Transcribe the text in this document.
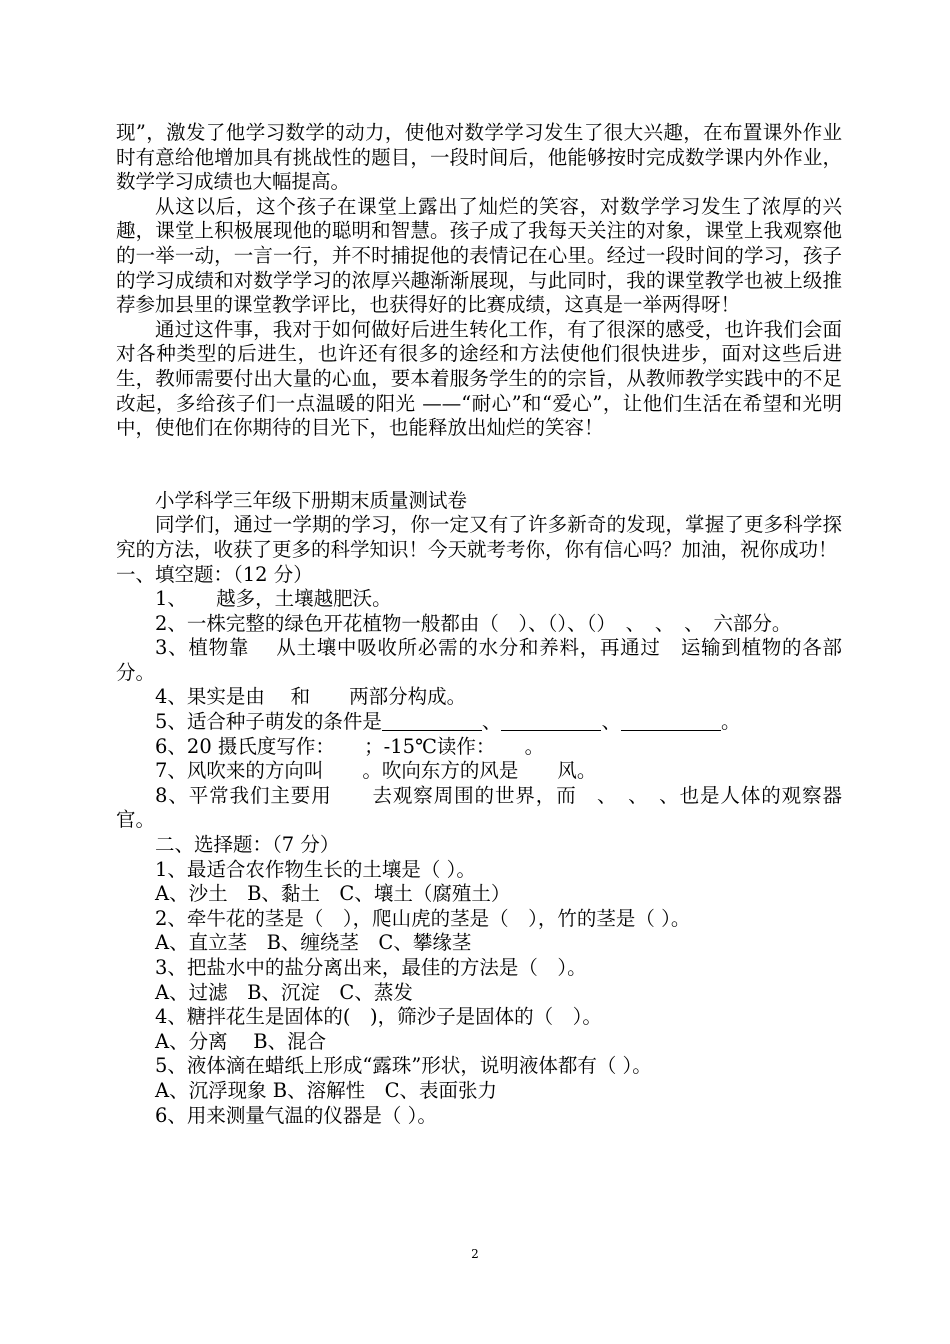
现”，激发了他学习数学的动力，使他对数学学习发生了很大兴趣，在布置课外作业时有意给他增加具有挑战性的题目，一段时间后，他能够按时完成数学课内外作业，数学学习成绩也大幅提高。

从这以后，这个孩子在课堂上露出了灿烂的笑容，对数学学习发生了浓厚的兴趣，课堂上积极展现他的聪明和智慧。孩子成了我每天关注的对象，课堂上我观察他的一举一动，一言一行，并不时捕捉他的表情记在心里。经过一段时间的学习，孩子的学习成绩和对数学学习的浓厚兴趣渐渐展现，与此同时，我的课堂教学也被上级推荐参加县里的课堂教学评比，也获得好的比赛成绩，这真是一举两得呀！

通过这件事，我对于如何做好后进生转化工作，有了很深的感受，也许我们会面对各种类型的后进生，也许还有很多的途经和方法使他们很快进步，面对这些后进生，教师需要付出大量的心血，要本着服务学生的的宗旨，从教师教学实践中的不足改起，多给孩子们一点温暖的阳光 ——“耐心”和“爱心”，让他们生活在希望和光明中，使他们在你期待的目光下，也能释放出灿烂的笑容！

小学科学三年级下册期末质量测试卷

同学们，通过一学期的学习，你一定又有了许多新奇的发现，掌握了更多科学探究的方法，收获了更多的科学知识！今天就考考你，你有信心吗？加油，祝你成功！

一、填空题：（12 分）

1、　　越多，土壤越肥沃。

2、一株完整的绿色开花植物一般都由（　）、（）、（）　、　、　、　六部分。

3、植物靠　 从土壤中吸收所必需的水分和养料，再通过　运输到植物的各部分。

4、果实是由　 和　　两部分构成。

5、适合种子萌发的条件是	、	、	。

6、20 摄氏度写作：　　；-15℃读作：　　。

7、风吹来的方向叫　　。吹向东方的风是　　风。

8、平常我们主要用　　去观察周围的世界，而　、　、　、也是人体的观察器官。

二、选择题：（7 分）

1、最适合农作物生长的土壤是（ ）。

A、沙土　B、黏土　C、壤土（腐殖土）

2、牵牛花的茎是（　），爬山虎的茎是（　），竹的茎是（ ）。

A、直立茎　B、缠绕茎　C、攀缘茎

3、把盐水中的盐分离出来，最佳的方法是（　）。

A、过滤　B、沉淀　C、蒸发

4、糖拌花生是固体的(　)，筛沙子是固体的（　）。

A、分离　 B、混合

5、液体滴在蜡纸上形成“露珠”形状，说明液体都有（ ）。

A、沉浮现象 B、溶解性　C、表面张力

6、用来测量气温的仪器是（ ）。

2
